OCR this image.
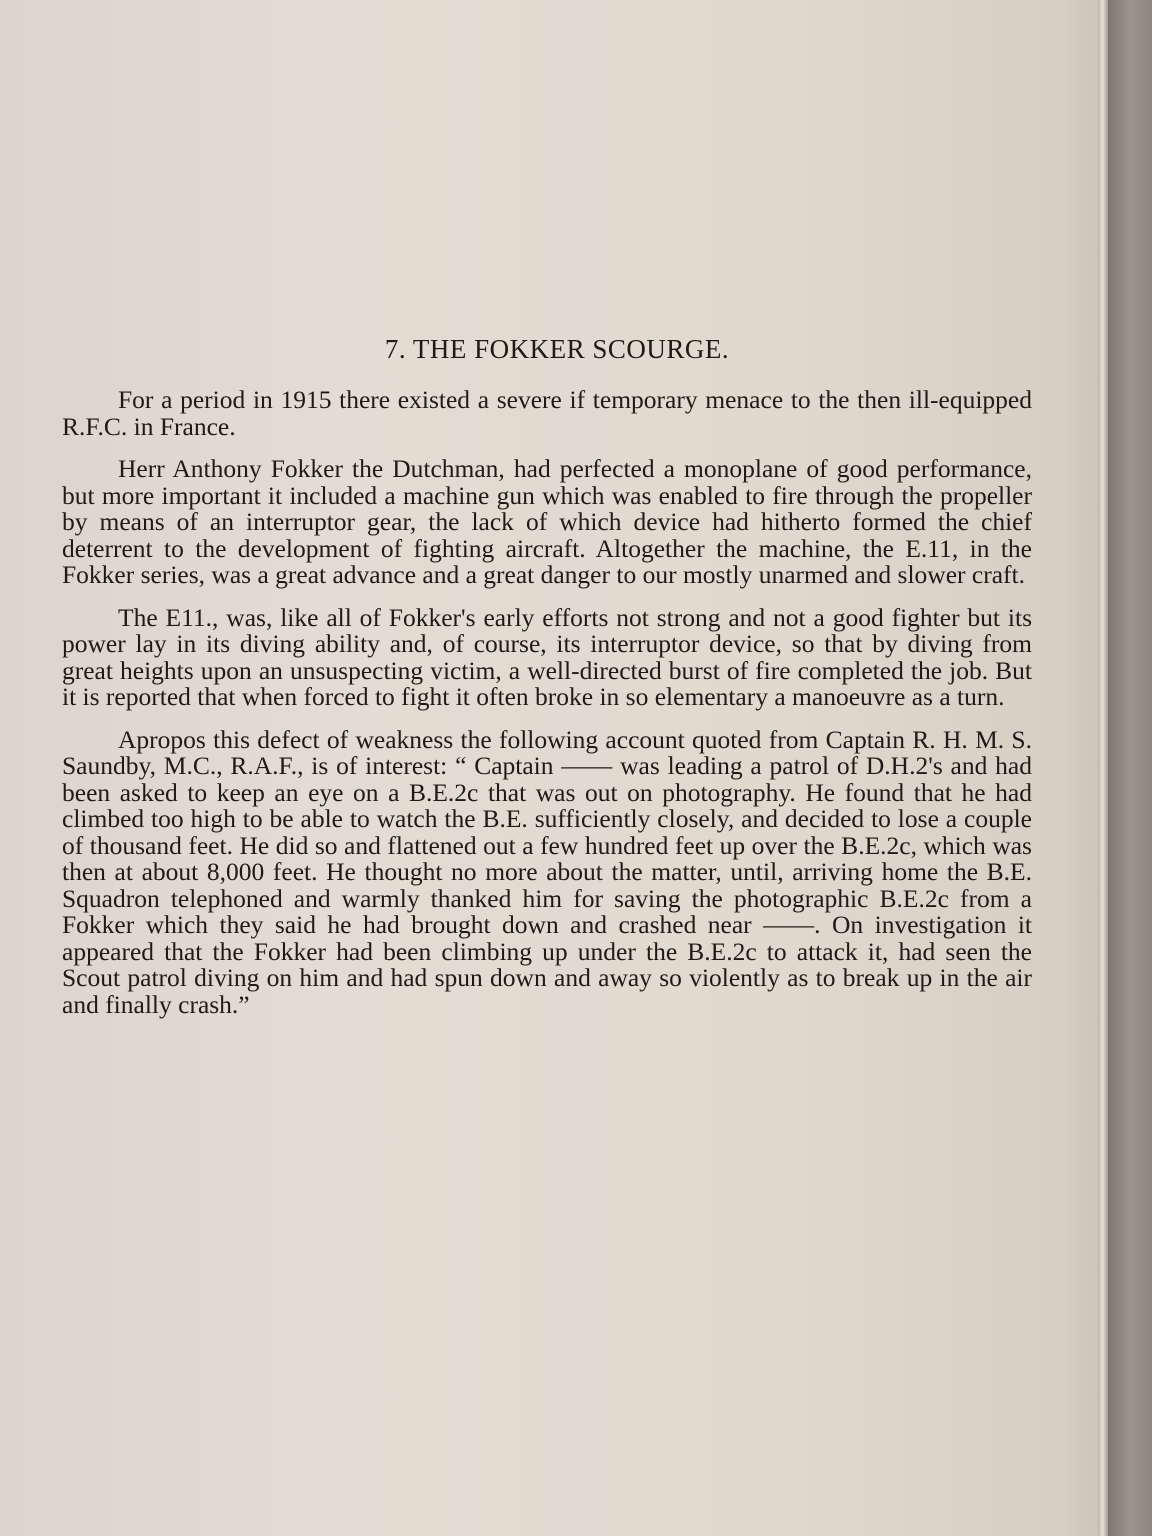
7. THE FOKKER SCOURGE.

For a period in 1915 there existed a severe if temporary menace to the then ill-equipped R.F.C. in France.

Herr Anthony Fokker the Dutchman, had perfected a monoplane of good performance, but more important it included a machine gun which was enabled to fire through the propeller by means of an interruptor gear, the lack of which device had hitherto formed the chief deterrent to the development of fighting aircraft. Altogether the machine, the E.11, in the Fokker series, was a great advance and a great danger to our mostly unarmed and slower craft.

The E11., was, like all of Fokker's early efforts not strong and not a good fighter but its power lay in its diving ability and, of course, its interruptor device, so that by diving from great heights upon an unsuspecting victim, a well-directed burst of fire completed the job. But it is reported that when forced to fight it often broke in so elementary a manoeuvre as a turn.

Apropos this defect of weakness the following account quoted from Captain R. H. M. S. Saundby, M.C., R.A.F., is of interest: “ Captain —— was leading a patrol of D.H.2's and had been asked to keep an eye on a B.E.2c that was out on photography. He found that he had climbed too high to be able to watch the B.E. sufficiently closely, and decided to lose a couple of thousand feet. He did so and flattened out a few hundred feet up over the B.E.2c, which was then at about 8,000 feet. He thought no more about the matter, until, arriving home the B.E. Squadron telephoned and warmly thanked him for saving the photographic B.E.2c from a Fokker which they said he had brought down and crashed near ——. On investigation it appeared that the Fokker had been climbing up under the B.E.2c to attack it, had seen the Scout patrol diving on him and had spun down and away so violently as to break up in the air and finally crash.”
